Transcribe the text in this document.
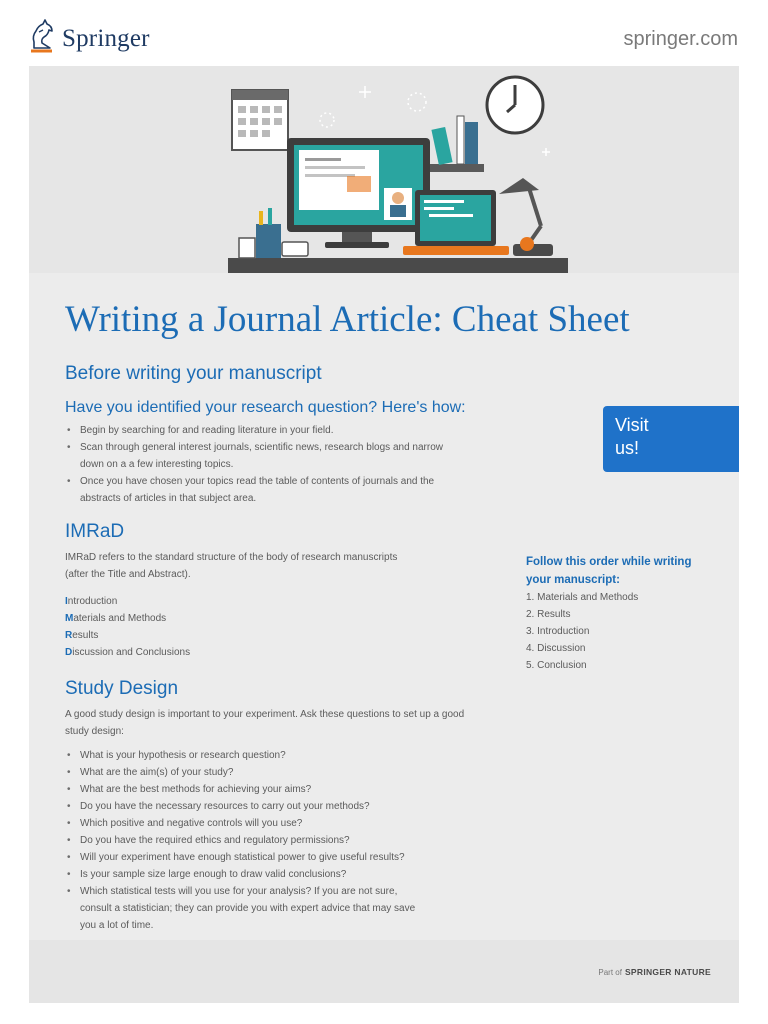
Springer	springer.com
Writing a Journal Article: Cheat Sheet
Before writing your manuscript
Have you identified your research question? Here's how:
• Begin by searching for and reading literature in your field.
• Scan through general interest journals, scientific news, research blogs and narrow
down on a a few interesting topics.
• Once you have chosen your topics read the table of contents of journals and the
abstracts of articles in that subject area.
Visit us!
IMRaD

IMRaD refers to the standard structure of the body of research manuscripts

(after the Title and Abstract).

Introduction
Materials and Methods
Results
Discussion and Conclusions

Follow this order while writing
your manuscript:

1. Materials and Methods
2. Results
3. Introduction
4. Discussion
5. Conclusion
Study Design

A good study design is important to your experiment. Ask these questions to set up a good

study design:

• What is your hypothesis or research question?
• What are the aim(s) of your study?
• What are the best methods for achieving your aims?
• Do you have the necessary resources to carry out your methods?
• Which positive and negative controls will you use?
• Do you have the required ethics and regulatory permissions?
• Will your experiment have enough statistical power to give useful results?
• Is your sample size large enough to draw valid conclusions?
• Which statistical tests will you use for your analysis? If you are not sure,
consult a statistician; they can provide you with expert advice that may save
you a lot of time.
Part of SPRINGER NATURE
